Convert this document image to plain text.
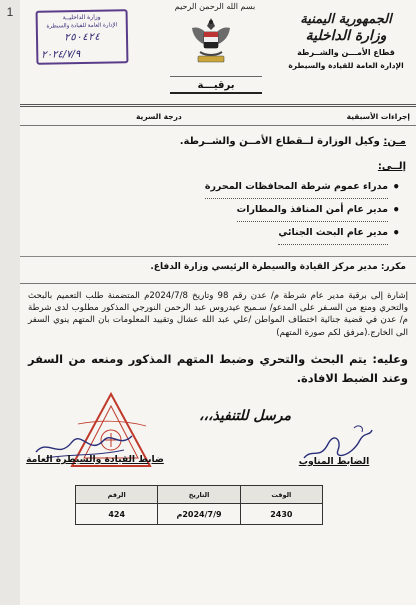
1	بسم الله الرحمن الرحيم
الجمهورية اليمنية
وزارة الداخلية
قطاع الأمـــن والشــرطة
الإدارة العامة للقيادة والسيطرة
وزارة الداخليــة
الإدارة العامة للقيادة والسيطرة
٢٥٠٤٢٤
٢٠٢٤/٧/٩
برقيـــة
إجراءات الأسبقية
درجة السرية
مـن: وكيل الوزارة لــقطاع الأمــن والشــرطة.
إلــى:
• مدراء عموم شرطة المحافظات المحررة
• مدير عام أمن المنافذ والمطارات
• مدير عام البحث الجنائي
مكرر: مدير مركز القيادة والسيطرة الرئيسي وزارة الدفاع.
إشارة إلى برقية مدير عام شرطة م/ عدن رقم 98 وتاريخ 2024/7/8م المتضمنة طلب التعميم بالبحث والتحري ومنع من السـفر على المدعو/ سـميح عيدروس عبد الرحمن النورجي المذكور مطلوب لدى شرطة م/ عدن في قضية جنائية اختطاف المواطن /علي عبد الله عشال وتقييد المعلومات بان المتهم ينوي السفر الى الخارج.(مرفق لكم صورة المتهم)
وعليه: يتم البحث والتحري وضبط المتهم المذكور ومنعه من السفر وعند الضبط الافادة.
مرسل للتنفيذ،،،
ضابط القيادة والسيطرة العامة	الضابط المناوب
الوقت	التاريخ	الرقم
2430	2024/7/9م	424
